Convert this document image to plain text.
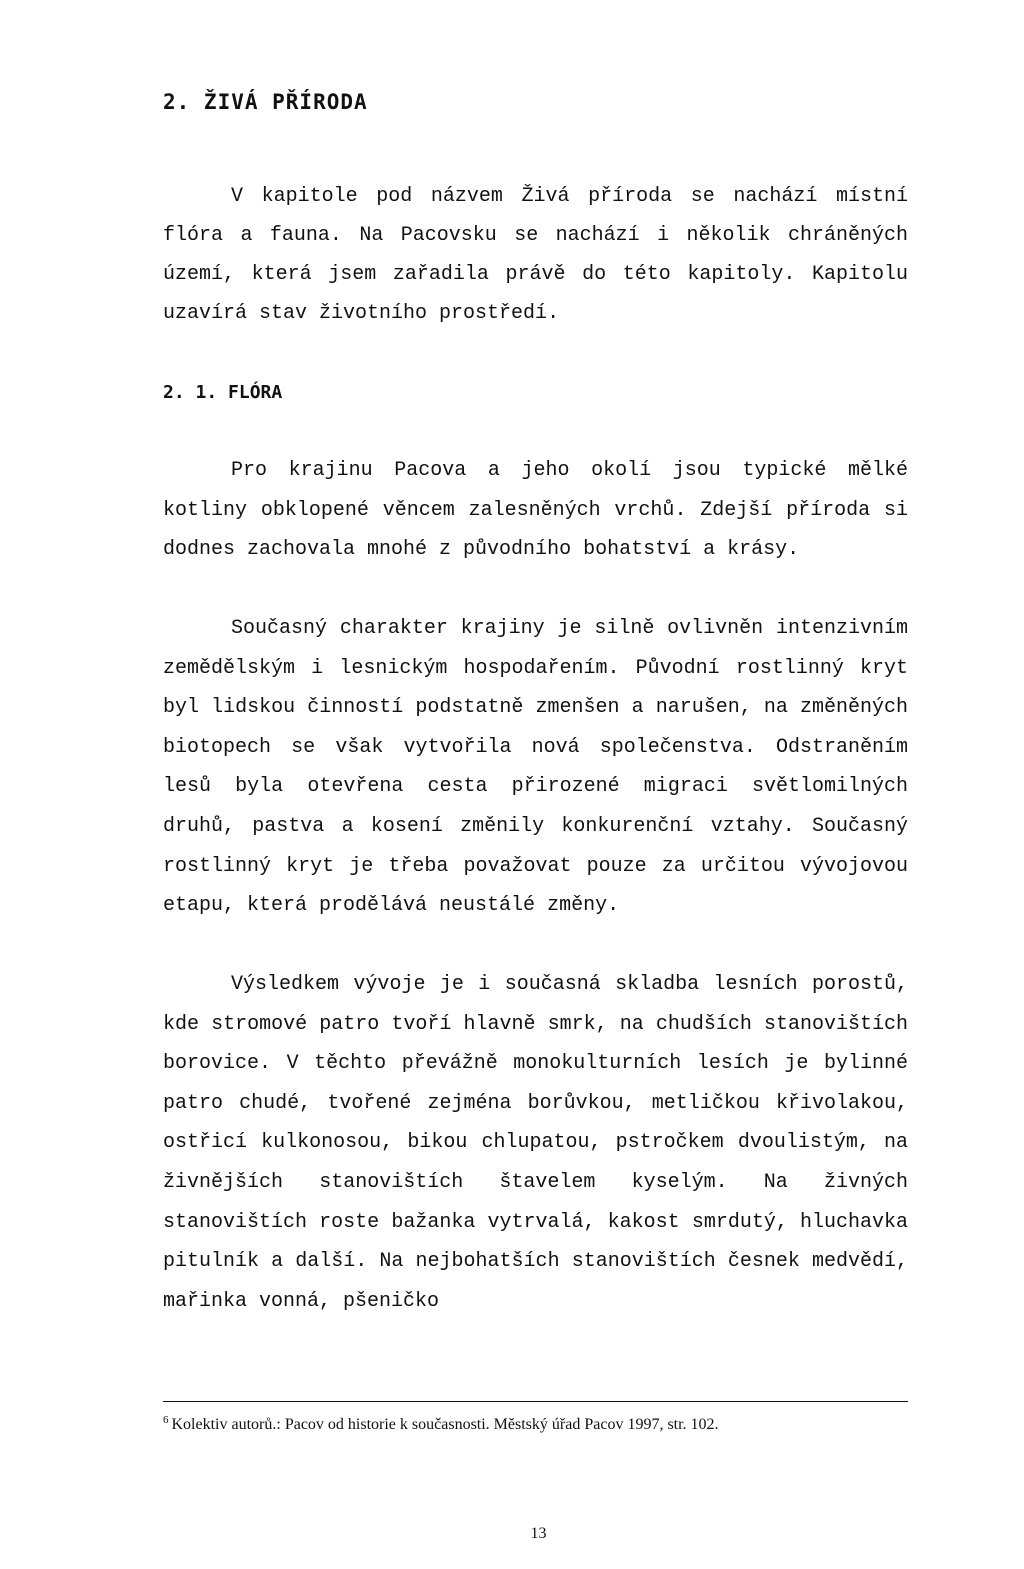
2. ŽIVÁ PŘÍRODA

V kapitole pod názvem Živá příroda se nachází místní flóra a fauna. Na Pacovsku se nachází i několik chráněných území, která jsem zařadila právě do této kapitoly. Kapitolu uzavírá stav životního prostředí.

2. 1. FLÓRA

Pro krajinu Pacova a jeho okolí jsou typické mělké kotliny obklopené věncem zalesněných vrchů. Zdejší příroda si dodnes zachovala mnohé z původního bohatství a krásy.

Současný charakter krajiny je silně ovlivněn intenzivním zemědělským i lesnickým hospodařením. Původní rostlinný kryt byl lidskou činností podstatně zmenšen a narušen, na změněných biotopech se však vytvořila nová společenstva. Odstraněním lesů byla otevřena cesta přirozené migraci světlomilných druhů, pastva a kosení změnily konkurenční vztahy. Současný rostlinný kryt je třeba považovat pouze za určitou vývojovou etapu, která prodělává neustálé změny.

Výsledkem vývoje je i současná skladba lesních porostů, kde stromové patro tvoří hlavně smrk, na chudších stanovištích borovice. V těchto převážně monokulturních lesích je bylinné patro chudé, tvořené zejména borůvkou, metličkou křivolakou, ostřicí kulkonosou, bikou chlupatou, pstročkem dvoulistým, na živnějších stanovištích štavelem kyselým. Na živných stanovištích roste bažanka vytrvalá, kakost smrdutý, hluchavka pitulník a další. Na nejbohatších stanovištích česnek medvědí, mařinka vonná, pšeničko

$^6$ Kolektiv autorů.: Pacov od historie k současnosti. Městský úřad Pacov 1997, str. 102.
13
